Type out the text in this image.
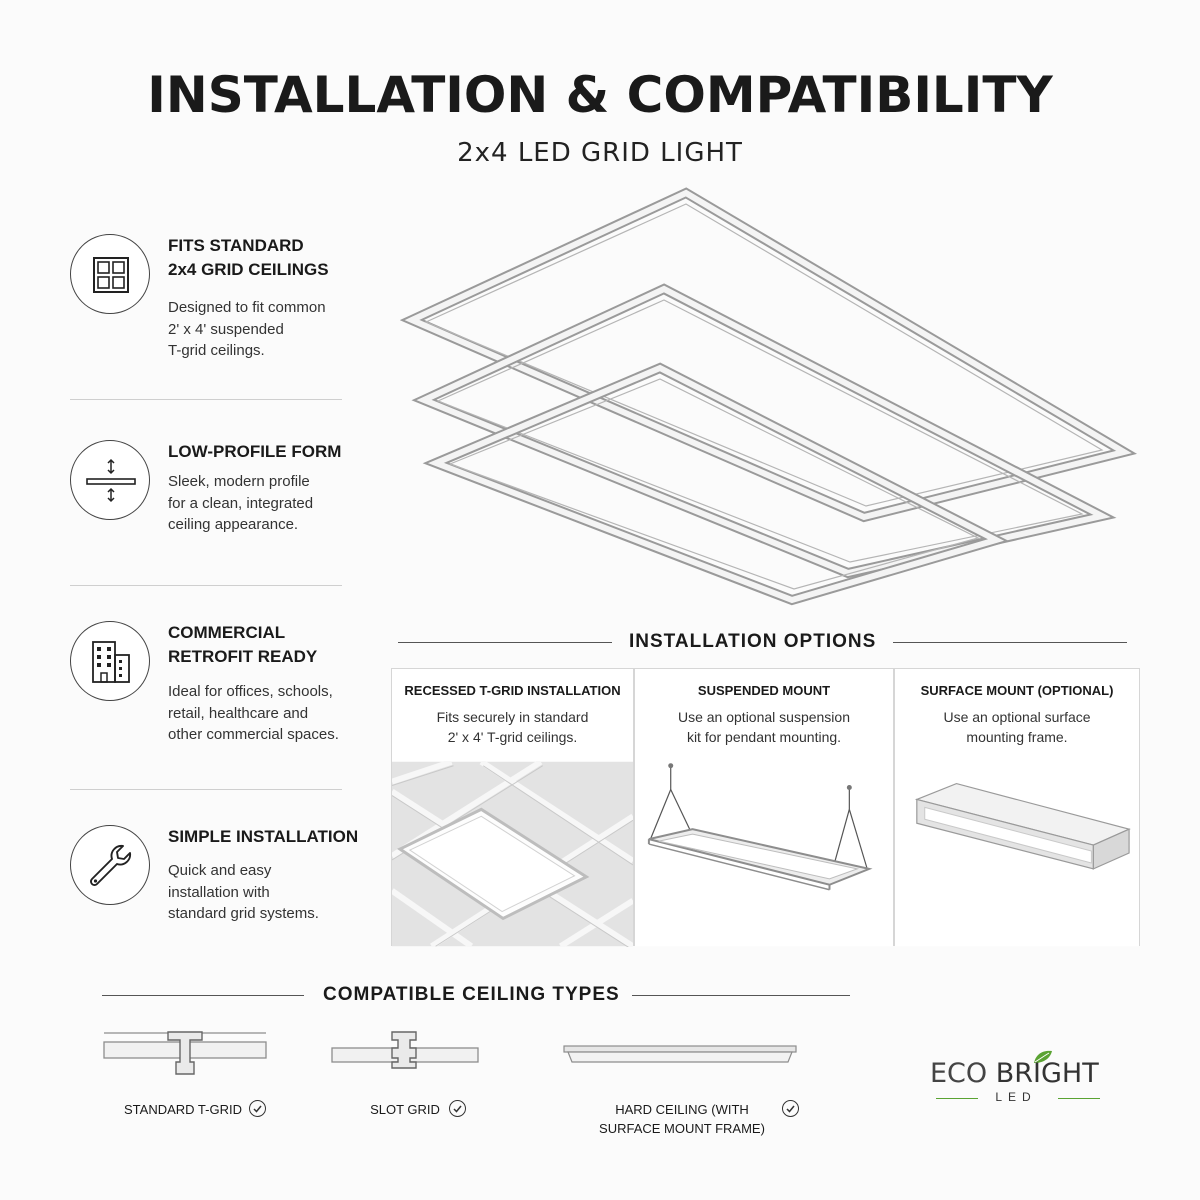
INSTALLATION & COMPATIBILITY
2x4 LED GRID LIGHT
FITS STANDARD
2x4 GRID CEILINGS
Designed to fit common
2' x 4' suspended
T-grid ceilings.
LOW-PROFILE FORM
Sleek, modern profile
for a clean, integrated
ceiling appearance.
COMMERCIAL
RETROFIT READY
Ideal for offices, schools,
retail, healthcare and
other commercial spaces.
SIMPLE INSTALLATION
Quick and easy
installation with
standard grid systems.
INSTALLATION OPTIONS
RECESSED T-GRID INSTALLATION
Fits securely in standard
2' x 4' T-grid ceilings.
SUSPENDED MOUNT
Use an optional suspension
kit for pendant mounting.
SURFACE MOUNT (OPTIONAL)
Use an optional surface
mounting frame.
COMPATIBLE CEILING TYPES
STANDARD T-GRID	SLOT GRID	HARD CEILING (WITH
SURFACE MOUNT FRAME)
ECO BRIGHT
LED
